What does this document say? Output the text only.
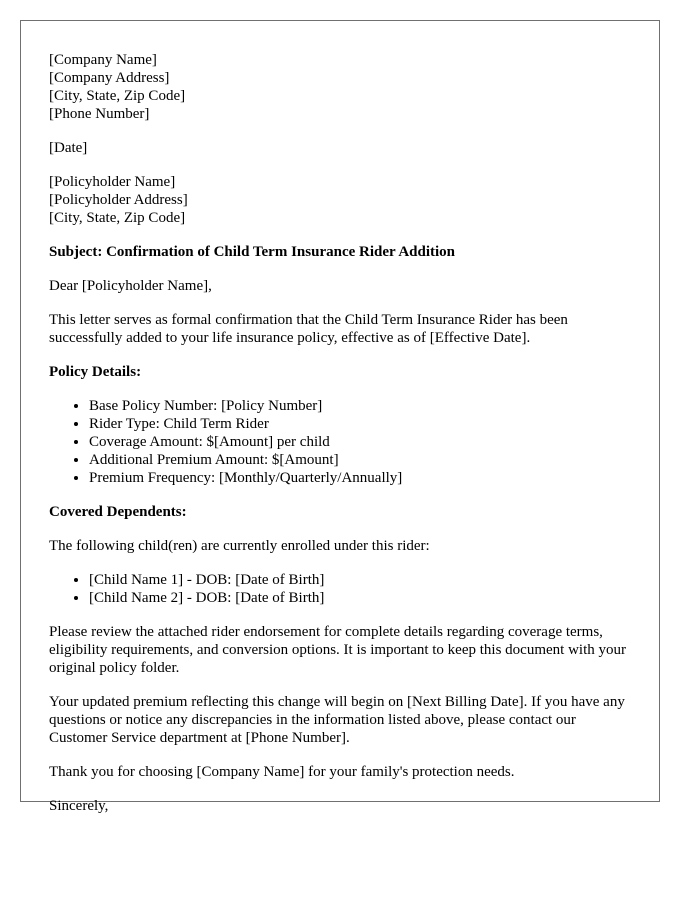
[Company Name]
[Company Address]
[City, State, Zip Code]
[Phone Number]
[Date]
[Policyholder Name]
[Policyholder Address]
[City, State, Zip Code]
Subject: Confirmation of Child Term Insurance Rider Addition

Dear [Policyholder Name],

This letter serves as formal confirmation that the Child Term Insurance Rider has been successfully added to your life insurance policy, effective as of [Effective Date].

Policy Details:
• Base Policy Number: [Policy Number]
• Rider Type: Child Term Rider
• Coverage Amount: $[Amount] per child
• Additional Premium Amount: $[Amount]
• Premium Frequency: [Monthly/Quarterly/Annually]
Covered Dependents:

The following child(ren) are currently enrolled under this rider:

• [Child Name 1] - DOB: [Date of Birth]
• [Child Name 2] - DOB: [Date of Birth]

Please review the attached rider endorsement for complete details regarding coverage terms, eligibility requirements, and conversion options. It is important to keep this document with your original policy folder.

Your updated premium reflecting this change will begin on [Next Billing Date]. If you have any questions or notice any discrepancies in the information listed above, please contact our Customer Service department at [Phone Number].

Thank you for choosing [Company Name] for your family's protection needs.

Sincerely,
